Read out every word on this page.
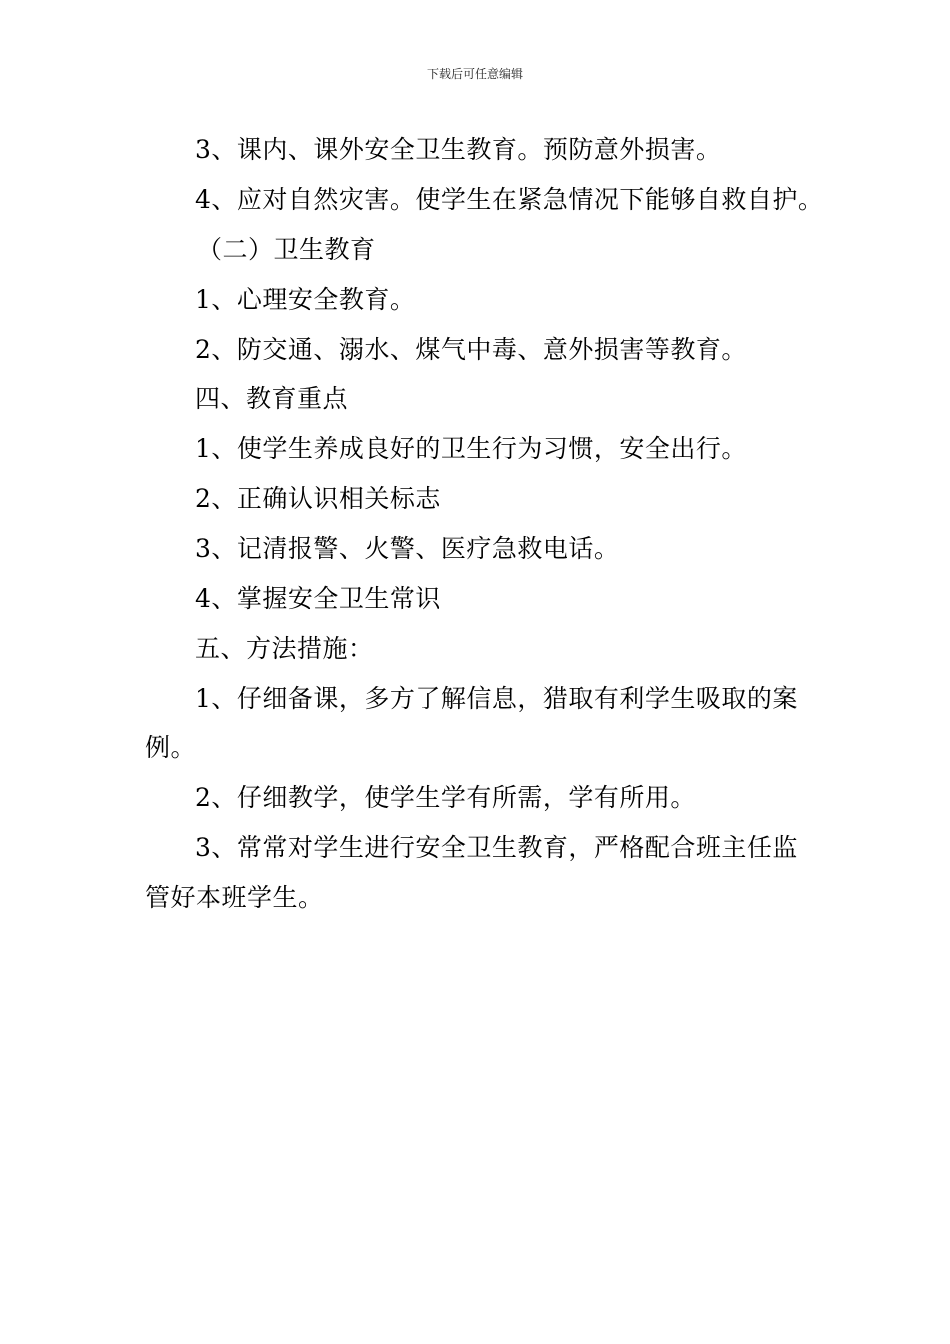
下载后可任意编辑
3、课内、课外安全卫生教育。预防意外损害。
4、应对自然灾害。使学生在紧急情况下能够自救自护。
（二）卫生教育
1、心理安全教育。
2、防交通、溺水、煤气中毒、意外损害等教育。
四、教育重点
1、使学生养成良好的卫生行为习惯，安全出行。
2、正确认识相关标志
3、记清报警、火警、医疗急救电话。
4、掌握安全卫生常识
五、方法措施：
1、仔细备课，多方了解信息，猎取有利学生吸取的案
例。
2、仔细教学，使学生学有所需，学有所用。
3、常常对学生进行安全卫生教育，严格配合班主任监
管好本班学生。
